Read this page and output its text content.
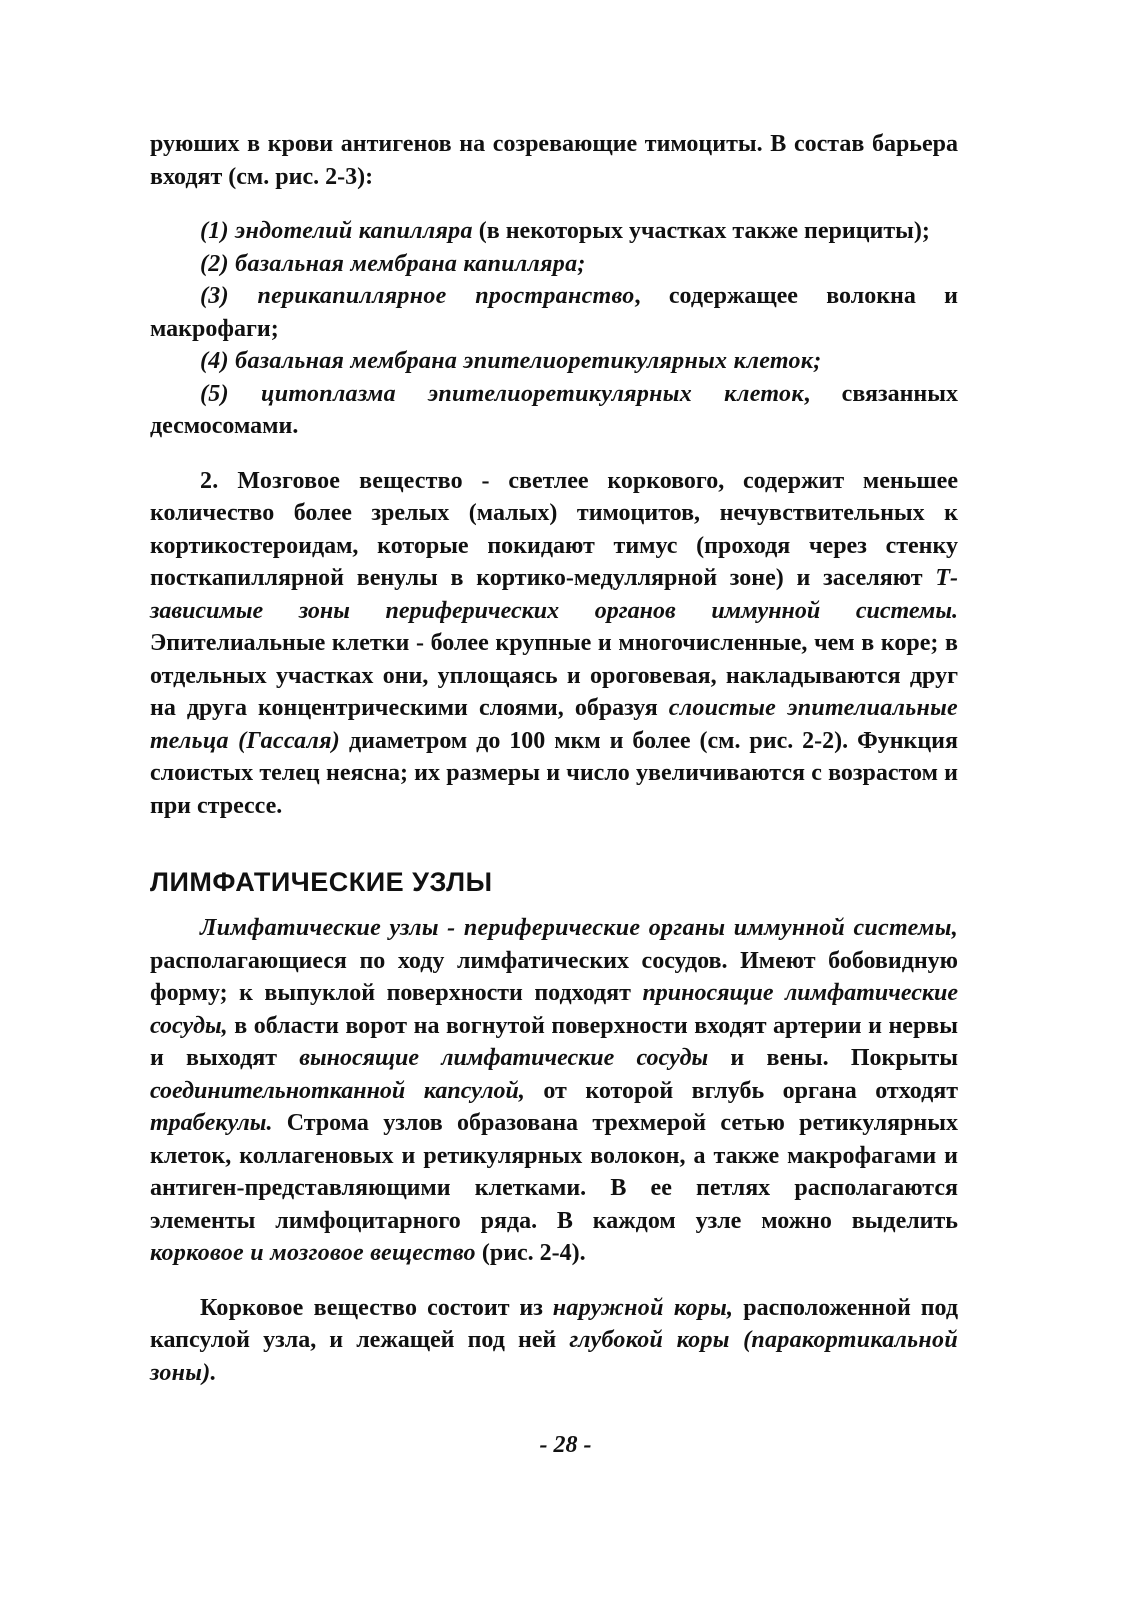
руюших в крови антигенов на созревающие тимоциты. В состав барьера входят (см. рис. 2-3):

(1) эндотелий капилляра (в некоторых участках также перициты);

(2) базальная мембрана капилляра;

(3) перикапиллярное пространство, содержащее волокна и макрофаги;

(4) базальная мембрана эпителиоретикулярных клеток;

(5) цитоплазма эпителиоретикулярных клеток, связанных десмосомами.

2. Мозговое вещество - светлее коркового, содержит меньшее количество более зрелых (малых) тимоцитов, нечувствительных к кортикостероидам, которые покидают тимус (проходя через стенку посткапиллярной венулы в кортико-медуллярной зоне) и заселяют Т-зависимые зоны периферических органов иммунной системы. Эпителиальные клетки - более крупные и многочисленные, чем в коре; в отдельных участках они, уплощаясь и ороговевая, накладываются друг на друга концентрическими слоями, образуя слоистые эпителиальные тельца (Гассаля) диаметром до 100 мкм и более (см. рис. 2-2). Функция слоистых телец неясна; их размеры и число увеличиваются с возрастом и при стрессе.

ЛИМФАТИЧЕСКИЕ УЗЛЫ

Лимфатические узлы - периферические органы иммунной системы, располагающиеся по ходу лимфатических сосудов. Имеют бобовидную форму; к выпуклой поверхности подходят приносящие лимфатические сосуды, в области ворот на вогнутой поверхности входят артерии и нервы и выходят выносящие лимфатические сосуды и вены. Покрыты соединительнотканной капсулой, от которой вглубь органа отходят трабекулы. Строма узлов образована трехмерой сетью ретикулярных клеток, коллагеновых и ретикулярных волокон, а также макрофагами и антиген-представляющими клетками. В ее петлях располагаются элементы лимфоцитарного ряда. В каждом узле можно выделить корковое и мозговое вещество (рис. 2-4).

Корковое вещество состоит из наружной коры, расположенной под капсулой узла, и лежащей под ней глубокой коры (паракортикальной зоны).

- 28 -
